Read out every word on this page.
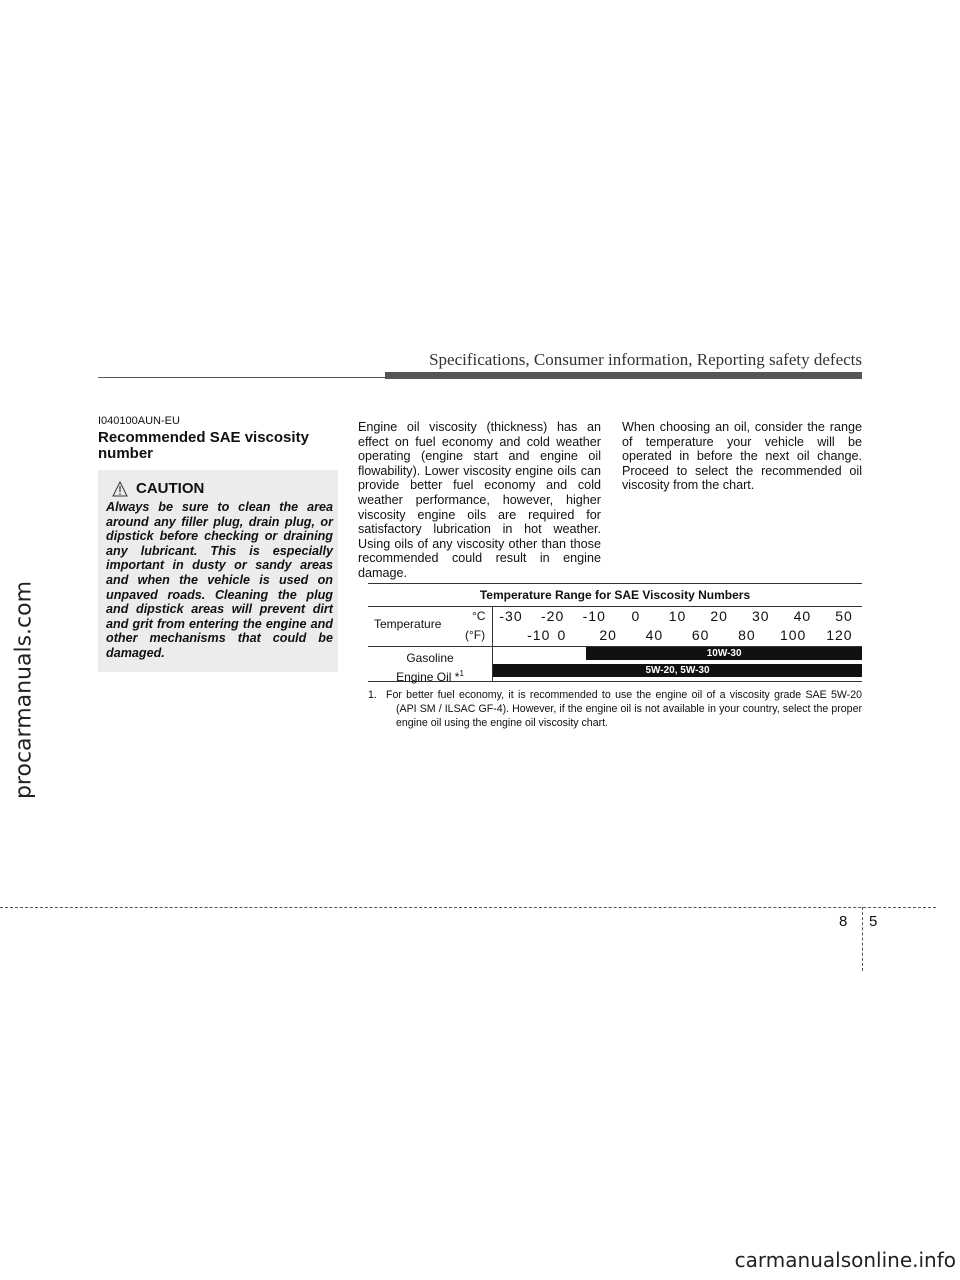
procarmanuals.com
Specifications, Consumer information, Reporting safety defects
I040100AUN-EU
Recommended SAE viscosity number
CAUTION
Always be sure to clean the area around any filler plug, drain plug, or dipstick before checking or draining any lubricant. This is especially important in dusty or sandy areas and when the vehicle is used on unpaved roads. Cleaning the plug and dipstick areas will prevent dirt and grit from entering the engine and other mechanisms that could be damaged.
Engine oil viscosity (thickness) has an effect on fuel economy and cold weather operating (engine start and engine oil flowability). Lower viscosity engine oils can provide better fuel economy and cold weather performance, however, higher viscosity engine oils are required for satisfactory lubrication in hot weather. Using oils of any viscosity other than those recommended could result in engine damage.
When choosing an oil, consider the range of temperature your vehicle will be operated in before the next oil change. Proceed to select the recommended oil viscosity from the chart.
Temperature Range for SAE Viscosity Numbers
Temperature
°C
(°F)
-30 -20 -10 0 10 20 30 40 50
-10 0 20 40 60 80 100 120
Gasoline
Engine Oil *$^1$
10W-30
5W-20, 5W-30
1. For better fuel economy, it is recommended to use the engine oil of a viscosity grade SAE 5W-20 (API SM / ILSAC GF-4). However, if the engine oil is not available in your country, select the proper engine oil using the engine oil viscosity chart.
8 5
carmanualsonline.info
